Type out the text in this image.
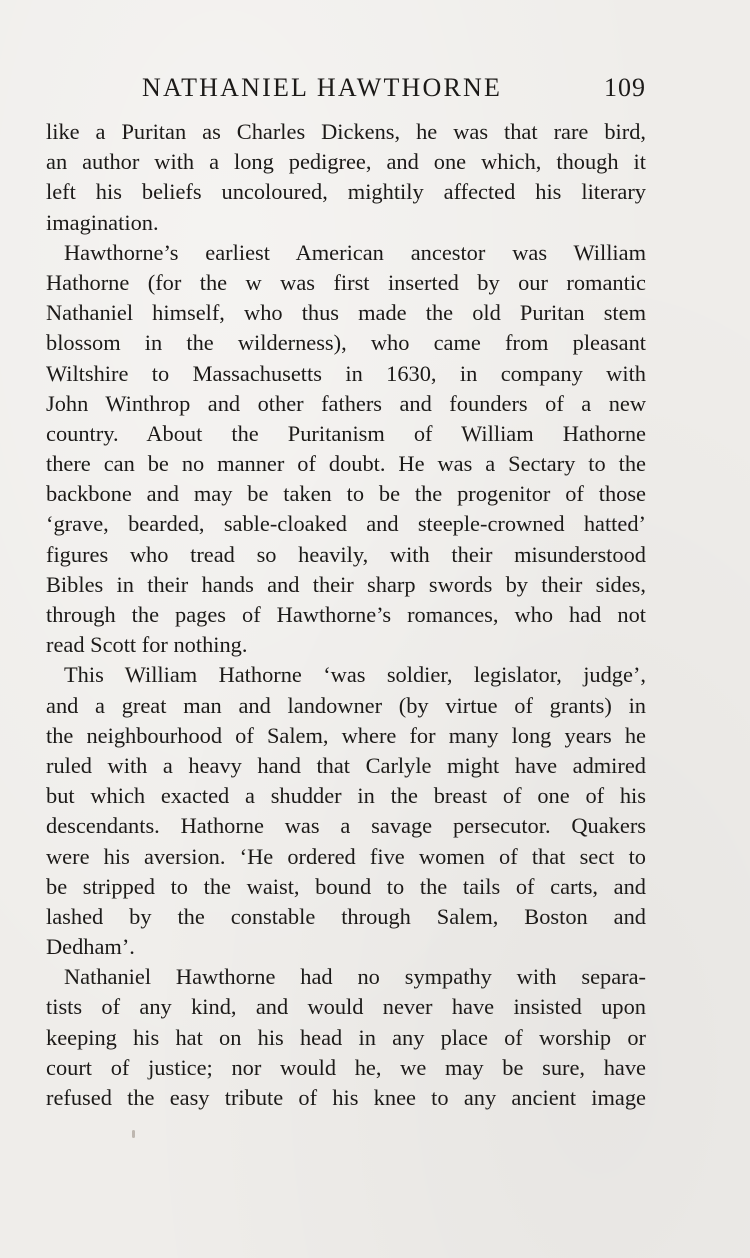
NATHANIEL HAWTHORNE	109
like a Puritan as Charles Dickens, he was that rare bird,
an author with a long pedigree, and one which, though it
left his beliefs uncoloured, mightily affected his literary
imagination.
Hawthorne’s earliest American ancestor was William
Hathorne (for the w was first inserted by our romantic
Nathaniel himself, who thus made the old Puritan stem
blossom in the wilderness), who came from pleasant
Wiltshire to Massachusetts in 1630, in company with
John Winthrop and other fathers and founders of a new
country. About the Puritanism of William Hathorne
there can be no manner of doubt. He was a Sectary to the
backbone and may be taken to be the progenitor of those
‘grave, bearded, sable-cloaked and steeple-crowned hatted’
figures who tread so heavily, with their misunderstood
Bibles in their hands and their sharp swords by their sides,
through the pages of Hawthorne’s romances, who had not
read Scott for nothing.
This William Hathorne ‘was soldier, legislator, judge’,
and a great man and landowner (by virtue of grants) in
the neighbourhood of Salem, where for many long years he
ruled with a heavy hand that Carlyle might have admired
but which exacted a shudder in the breast of one of his
descendants. Hathorne was a savage persecutor. Quakers
were his aversion. ‘He ordered five women of that sect to
be stripped to the waist, bound to the tails of carts, and
lashed by the constable through Salem, Boston and
Dedham’.
Nathaniel Hawthorne had no sympathy with separa-
tists of any kind, and would never have insisted upon
keeping his hat on his head in any place of worship or
court of justice; nor would he, we may be sure, have
refused the easy tribute of his knee to any ancient image
